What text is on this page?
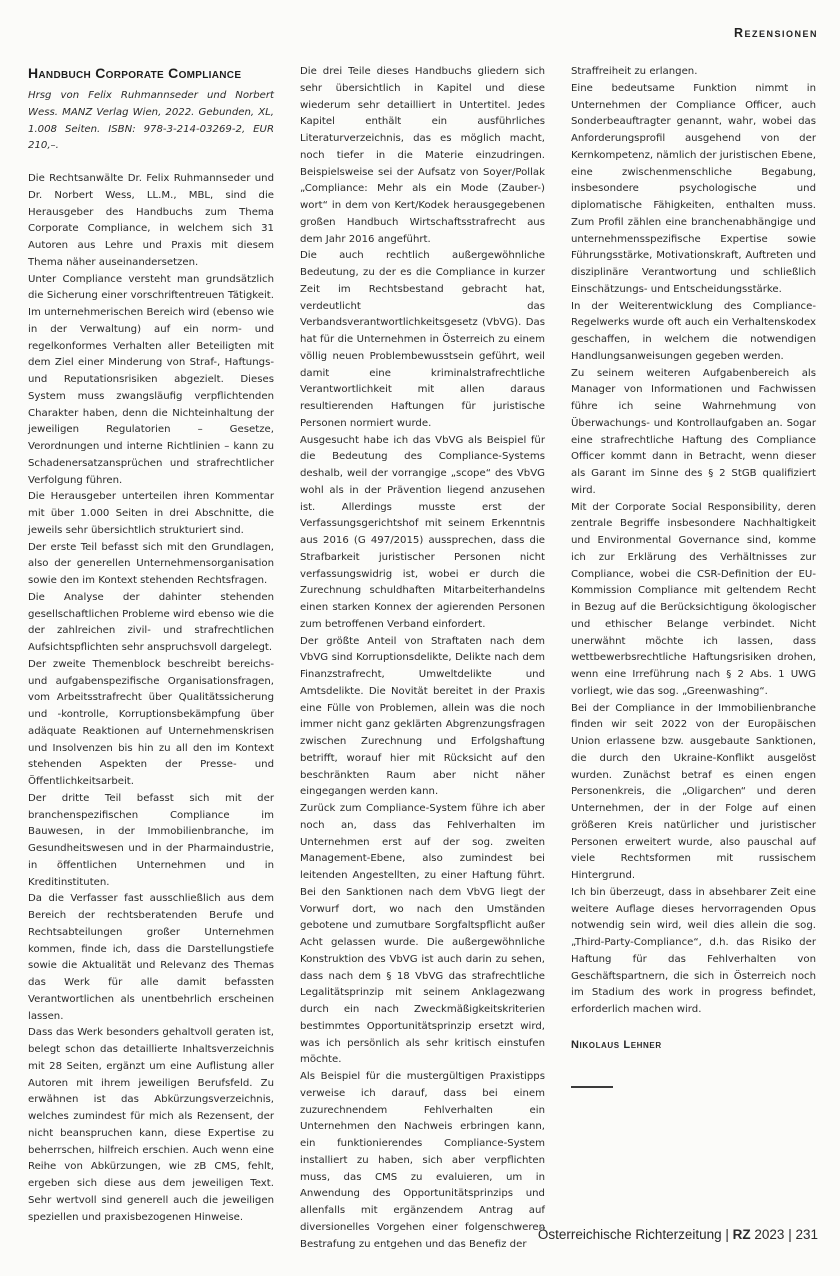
Rezensionen
Handbuch Corporate Compliance

Hrsg von Felix Ruhmannseder und Norbert Wess. MANZ Verlag Wien, 2022. Gebunden, XL, 1.008 Seiten. ISBN: 978-3-214-03269-2, EUR 210,–.

Die Rechtsanwälte Dr. Felix Ruhmannseder und Dr. Norbert Wess, LL.M., MBL, sind die Herausgeber des Handbuchs zum Thema Corporate Compliance, in welchem sich 31 Autoren aus Lehre und Praxis mit diesem Thema näher auseinandersetzen.

Unter Compliance versteht man grundsätzlich die Sicherung einer vorschriftentreuen Tätigkeit. Im unternehmerischen Bereich wird (ebenso wie in der Verwaltung) auf ein norm- und regelkonformes Verhalten aller Beteiligten mit dem Ziel einer Minderung von Straf-, Haftungs- und Reputationsrisiken abgezielt. Dieses System muss zwangsläufig verpflichtenden Charakter haben, denn die Nichteinhaltung der jeweiligen Regulatorien – Gesetze, Verordnungen und interne Richtlinien – kann zu Schadenersatzansprüchen und strafrechtlicher Verfolgung führen.

Die Herausgeber unterteilen ihren Kommentar mit über 1.000 Seiten in drei Abschnitte, die jeweils sehr übersichtlich strukturiert sind.

Der erste Teil befasst sich mit den Grundlagen, also der generellen Unternehmensorganisation sowie den im Kontext stehenden Rechtsfragen.

Die Analyse der dahinter stehenden gesellschaftlichen Probleme wird ebenso wie die der zahlreichen zivil- und strafrechtlichen Aufsichtspflichten sehr anspruchsvoll dargelegt.

Der zweite Themenblock beschreibt bereichs- und aufgabenspezifische Organisationsfragen, vom Arbeitsstrafrecht über Qualitätssicherung und -kontrolle, Korruptionsbekämpfung über adäquate Reaktionen auf Unternehmenskrisen und Insolvenzen bis hin zu all den im Kontext stehenden Aspekten der Presse- und Öffentlichkeitsarbeit.

Der dritte Teil befasst sich mit der branchenspezifischen Compliance im Bauwesen, in der Immobilienbranche, im Gesundheitswesen und in der Pharmaindustrie, in öffentlichen Unternehmen und in Kreditinstituten.

Da die Verfasser fast ausschließlich aus dem Bereich der rechtsberatenden Berufe und Rechtsabteilungen großer Unternehmen kommen, finde ich, dass die Darstellungstiefe sowie die Aktualität und Relevanz des Themas das Werk für alle damit befassten Verantwortlichen als unentbehrlich erscheinen lassen.

Dass das Werk besonders gehaltvoll geraten ist, belegt schon das detaillierte Inhaltsverzeichnis mit 28 Seiten, ergänzt um eine Auflistung aller Autoren mit ihrem jeweiligen Berufsfeld. Zu erwähnen ist das Abkürzungsverzeichnis, welches zumindest für mich als Rezensent, der nicht beanspruchen kann, diese Expertise zu beherrschen, hilfreich erschien. Auch wenn eine Reihe von Abkürzungen, wie zB CMS, fehlt, ergeben sich diese aus dem jeweiligen Text. Sehr wertvoll sind generell auch die jeweiligen speziellen und praxisbezogenen Hinweise.

Die drei Teile dieses Handbuchs gliedern sich sehr übersichtlich in Kapitel und diese wiederum sehr detailliert in Untertitel. Jedes Kapitel enthält ein ausführliches Literaturverzeichnis, das es möglich macht, noch tiefer in die Materie einzudringen. Beispielsweise sei der Aufsatz von Soyer/Pollak „Compliance: Mehr als ein Mode (Zauber-) wort“ in dem von Kert/Kodek herausgegebenen großen Handbuch Wirtschaftsstrafrecht aus dem Jahr 2016 angeführt.

Die auch rechtlich außergewöhnliche Bedeutung, zu der es die Compliance in kurzer Zeit im Rechtsbestand gebracht hat, verdeutlicht das Verbandsverantwortlichkeitsgesetz (VbVG). Das hat für die Unternehmen in Österreich zu einem völlig neuen Problembewusstsein geführt, weil damit eine kriminalstrafrechtliche Verantwortlichkeit mit allen daraus resultierenden Haftungen für juristische Personen normiert wurde.

Ausgesucht habe ich das VbVG als Beispiel für die Bedeutung des Compliance-Systems deshalb, weil der vorrangige „scope“ des VbVG wohl als in der Prävention liegend anzusehen ist. Allerdings musste erst der Verfassungsgerichtshof mit seinem Erkenntnis aus 2016 (G 497/2015) aussprechen, dass die Strafbarkeit juristischer Personen nicht verfassungswidrig ist, wobei er durch die Zurechnung schuldhaften Mitarbeiterhandelns einen starken Konnex der agierenden Personen zum betroffenen Verband einfordert.

Der größte Anteil von Straftaten nach dem VbVG sind Korruptionsdelikte, Delikte nach dem Finanzstrafrecht, Umweltdelikte und Amtsdelikte. Die Novität bereitet in der Praxis eine Fülle von Problemen, allein was die noch immer nicht ganz geklärten Abgrenzungsfragen zwischen Zurechnung und Erfolgshaftung betrifft, worauf hier mit Rücksicht auf den beschränkten Raum aber nicht näher eingegangen werden kann.

Zurück zum Compliance-System führe ich aber noch an, dass das Fehlverhalten im Unternehmen erst auf der sog. zweiten Management-Ebene, also zumindest bei leitenden Angestellten, zu einer Haftung führt. Bei den Sanktionen nach dem VbVG liegt der Vorwurf dort, wo nach den Umständen gebotene und zumutbare Sorgfaltspflicht außer Acht gelassen wurde. Die außergewöhnliche Konstruktion des VbVG ist auch darin zu sehen, dass nach dem § 18 VbVG das strafrechtliche Legalitätsprinzip mit seinem Anklagezwang durch ein nach Zweckmäßigkeitskriterien bestimmtes Opportunitätsprinzip ersetzt wird, was ich persönlich als sehr kritisch einstufen möchte.

Als Beispiel für die mustergültigen Praxistipps verweise ich darauf, dass bei einem zuzurechnendem Fehlverhalten ein Unternehmen den Nachweis erbringen kann, ein funktionierendes Compliance-System installiert zu haben, sich aber verpflichten muss, das CMS zu evaluieren, um in Anwendung des Opportunitätsprinzips und allenfalls mit ergänzendem Antrag auf diversionelles Vorgehen einer folgenschweren Bestrafung zu entgehen und das Benefiz der

Straffreiheit zu erlangen.

Eine bedeutsame Funktion nimmt in Unternehmen der Compliance Officer, auch Sonderbeauftragter genannt, wahr, wobei das Anforderungsprofil ausgehend von der Kernkompetenz, nämlich der juristischen Ebene, eine zwischenmenschliche Begabung, insbesondere psychologische und diplomatische Fähigkeiten, enthalten muss. Zum Profil zählen eine branchenabhängige und unternehmensspezifische Expertise sowie Führungsstärke, Motivationskraft, Auftreten und disziplinäre Verantwortung und schließlich Einschätzungs- und Entscheidungsstärke.

In der Weiterentwicklung des Compliance-Regelwerks wurde oft auch ein Verhaltenskodex geschaffen, in welchem die notwendigen Handlungsanweisungen gegeben werden.

Zu seinem weiteren Aufgabenbereich als Manager von Informationen und Fachwissen führe ich seine Wahrnehmung von Überwachungs- und Kontrollaufgaben an. Sogar eine strafrechtliche Haftung des Compliance Officer kommt dann in Betracht, wenn dieser als Garant im Sinne des § 2 StGB qualifiziert wird.

Mit der Corporate Social Responsibility, deren zentrale Begriffe insbesondere Nachhaltigkeit und Environmental Governance sind, komme ich zur Erklärung des Verhältnisses zur Compliance, wobei die CSR-Definition der EU-Kommission Compliance mit geltendem Recht in Bezug auf die Berücksichtigung ökologischer und ethischer Belange verbindet. Nicht unerwähnt möchte ich lassen, dass wettbewerbsrechtliche Haftungsrisiken drohen, wenn eine Irreführung nach § 2 Abs. 1 UWG vorliegt, wie das sog. „Greenwashing“.

Bei der Compliance in der Immobilienbranche finden wir seit 2022 von der Europäischen Union erlassene bzw. ausgebaute Sanktionen, die durch den Ukraine-Konflikt ausgelöst wurden. Zunächst betraf es einen engen Personenkreis, die „Oligarchen“ und deren Unternehmen, der in der Folge auf einen größeren Kreis natürlicher und juristischer Personen erweitert wurde, also pauschal auf viele Rechtsformen mit russischem Hintergrund.

Ich bin überzeugt, dass in absehbarer Zeit eine weitere Auflage dieses hervorragenden Opus notwendig sein wird, weil dies allein die sog. „Third-Party-Compliance“, d.h. das Risiko der Haftung für das Fehlverhalten von Geschäftspartnern, die sich in Österreich noch im Stadium des work in progress befindet, erforderlich machen wird.

Nikolaus Lehner

Österreichische Richterzeitung | RZ 2023 | 231
